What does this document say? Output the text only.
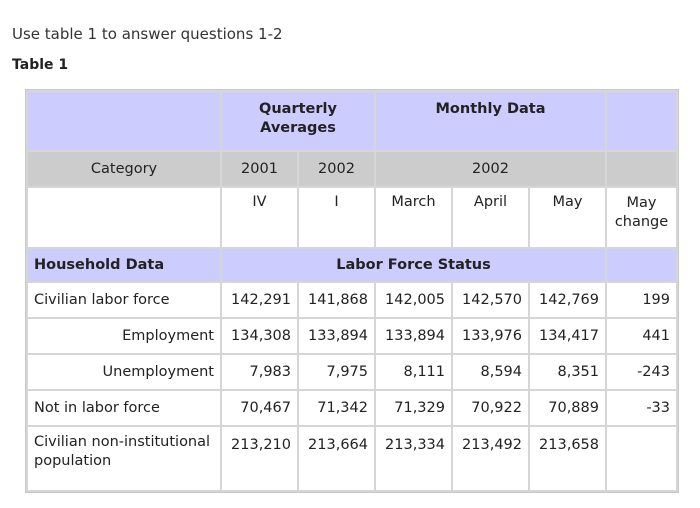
Use table 1 to answer questions 1-2
Table 1
	Quarterly Averages		Monthly Data			
Category	2001	2002	2002			
	IV	I	March	April	May	May change
Household Data	Labor Force Status					
Civilian labor force	142,291	141,868	142,005	142,570	142,769	199
Employment	134,308	133,894	133,894	133,976	134,417	441
Unemployment	7,983	7,975	8,111	8,594	8,351	-243
Not in labor force	70,467	71,342	71,329	70,922	70,889	-33
Civilian non-institutional population	213,210	213,664	213,334	213,492	213,658	
